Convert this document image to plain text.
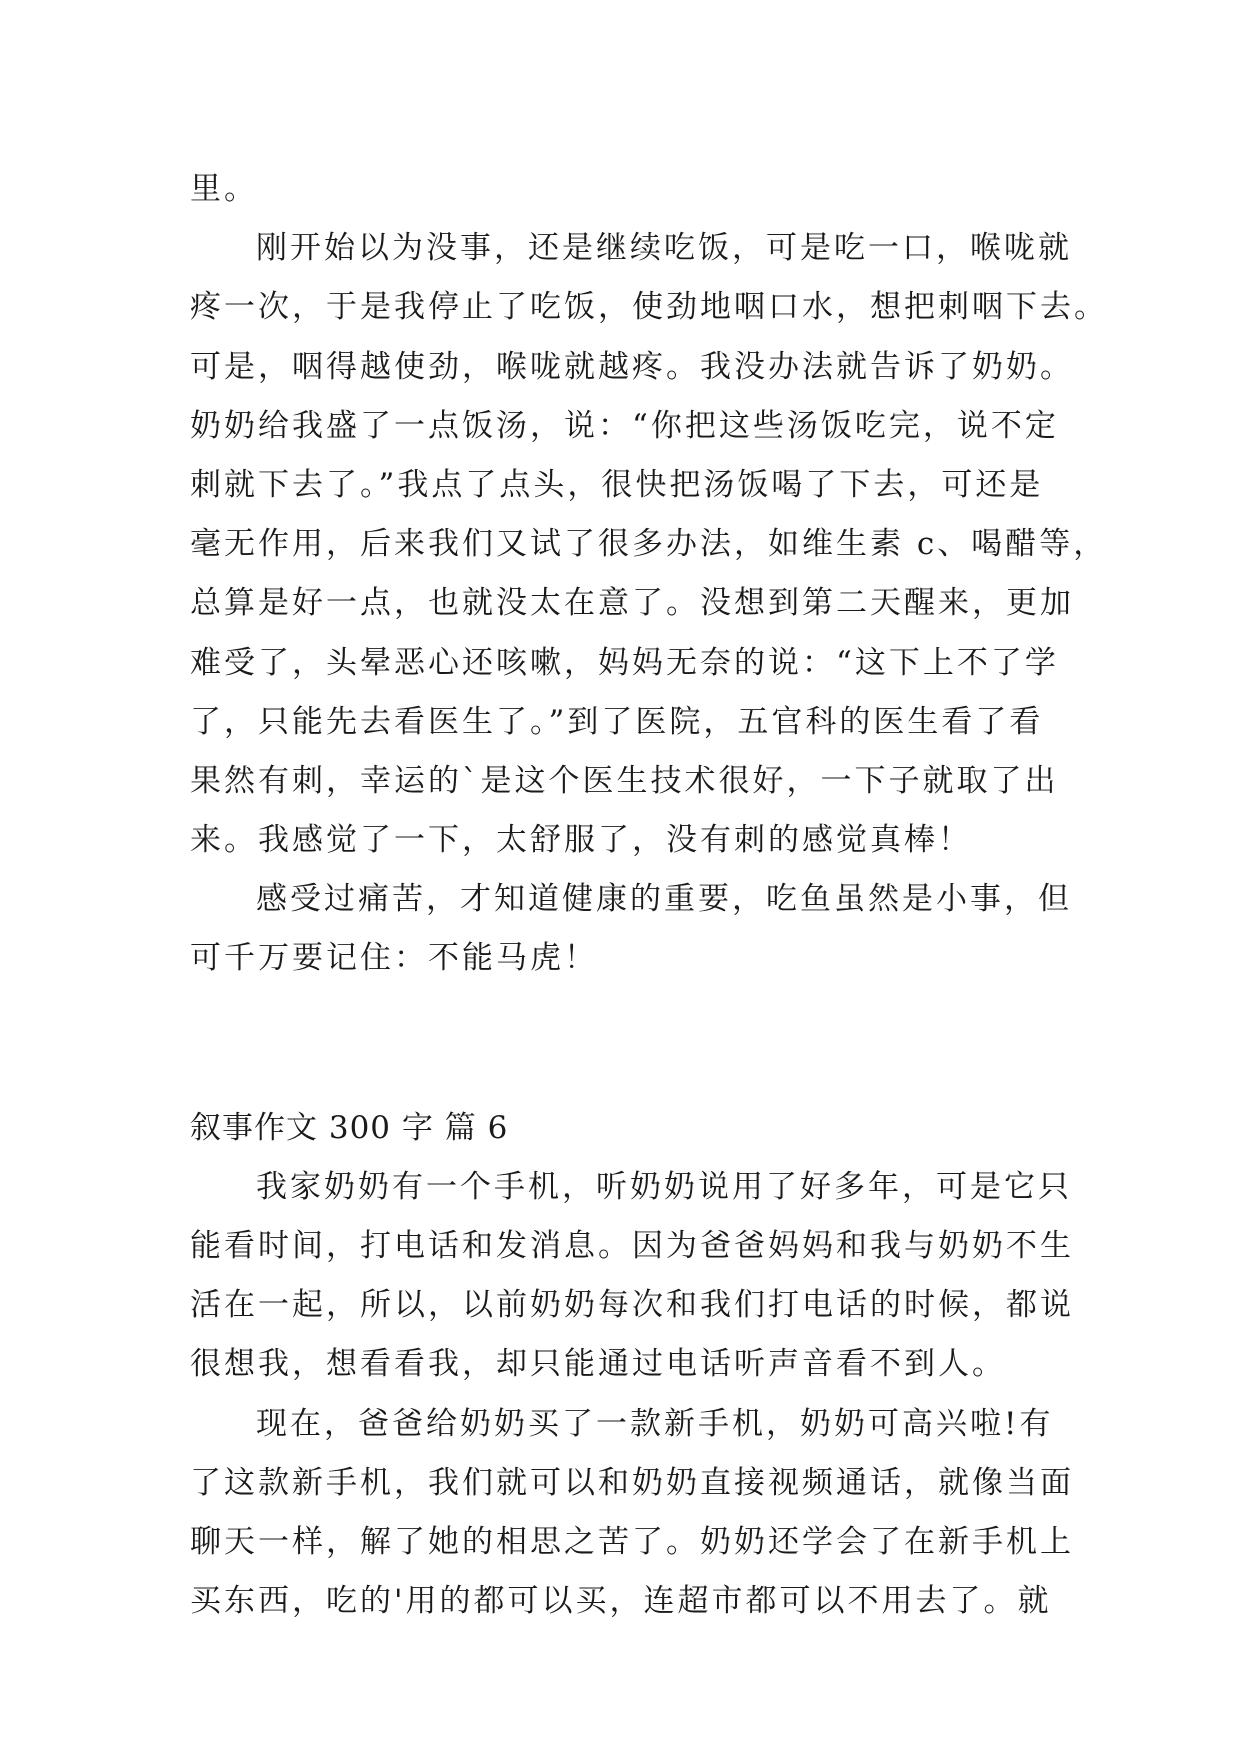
里。
刚开始以为没事，还是继续吃饭，可是吃一口，喉咙就
疼一次，于是我停止了吃饭，使劲地咽口水，想把刺咽下去。
可是，咽得越使劲，喉咙就越疼。我没办法就告诉了奶奶。
奶奶给我盛了一点饭汤，说：“你把这些汤饭吃完，说不定
刺就下去了。”我点了点头，很快把汤饭喝了下去，可还是
毫无作用，后来我们又试了很多办法，如维生素 c、喝醋等，
总算是好一点，也就没太在意了。没想到第二天醒来，更加
难受了，头晕恶心还咳嗽，妈妈无奈的说：“这下上不了学
了，只能先去看医生了。”到了医院，五官科的医生看了看
果然有刺，幸运的`是这个医生技术很好，一下子就取了出
来。我感觉了一下，太舒服了，没有刺的感觉真棒！
感受过痛苦，才知道健康的重要，吃鱼虽然是小事，但
可千万要记住：不能马虎！
叙事作文 300 字 篇 6
我家奶奶有一个手机，听奶奶说用了好多年，可是它只
能看时间，打电话和发消息。因为爸爸妈妈和我与奶奶不生
活在一起，所以，以前奶奶每次和我们打电话的时候，都说
很想我，想看看我，却只能通过电话听声音看不到人。
现在，爸爸给奶奶买了一款新手机，奶奶可高兴啦!有
了这款新手机，我们就可以和奶奶直接视频通话，就像当面
聊天一样，解了她的相思之苦了。奶奶还学会了在新手机上
买东西，吃的'用的都可以买，连超市都可以不用去了。就
